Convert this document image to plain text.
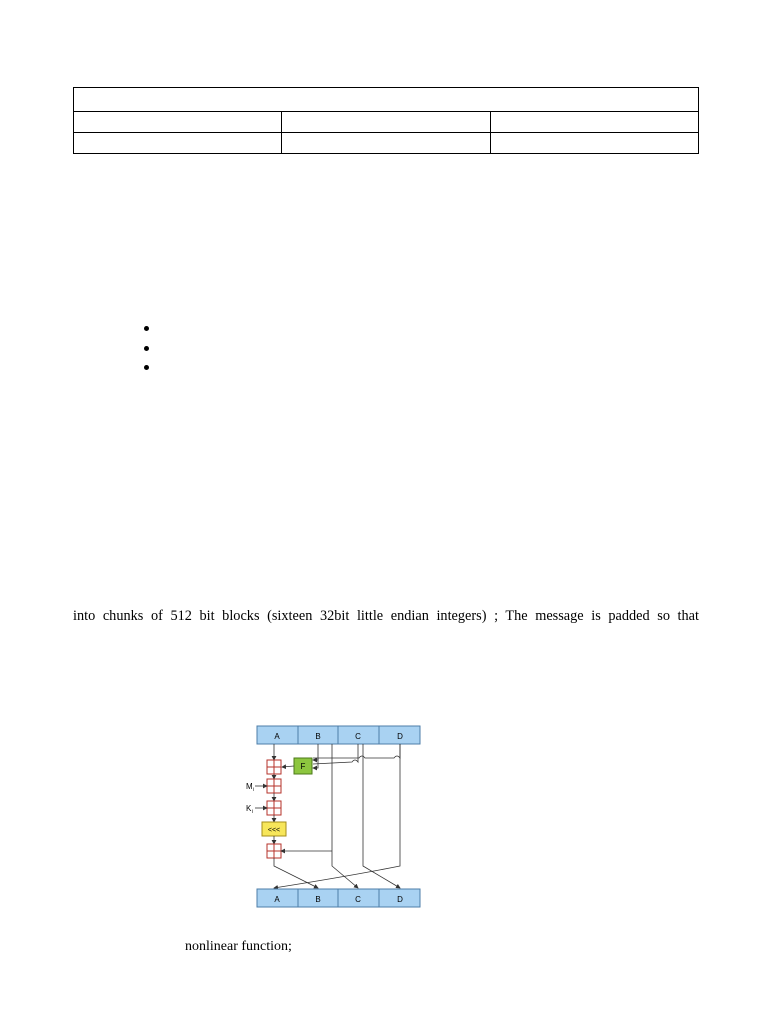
into chunks of 512 bit blocks (sixteen 32bit little endian integers) ; The message is padded so that
A	B	C	D
F
M i
K i
<<<
A	B	C	D
nonlinear function;
